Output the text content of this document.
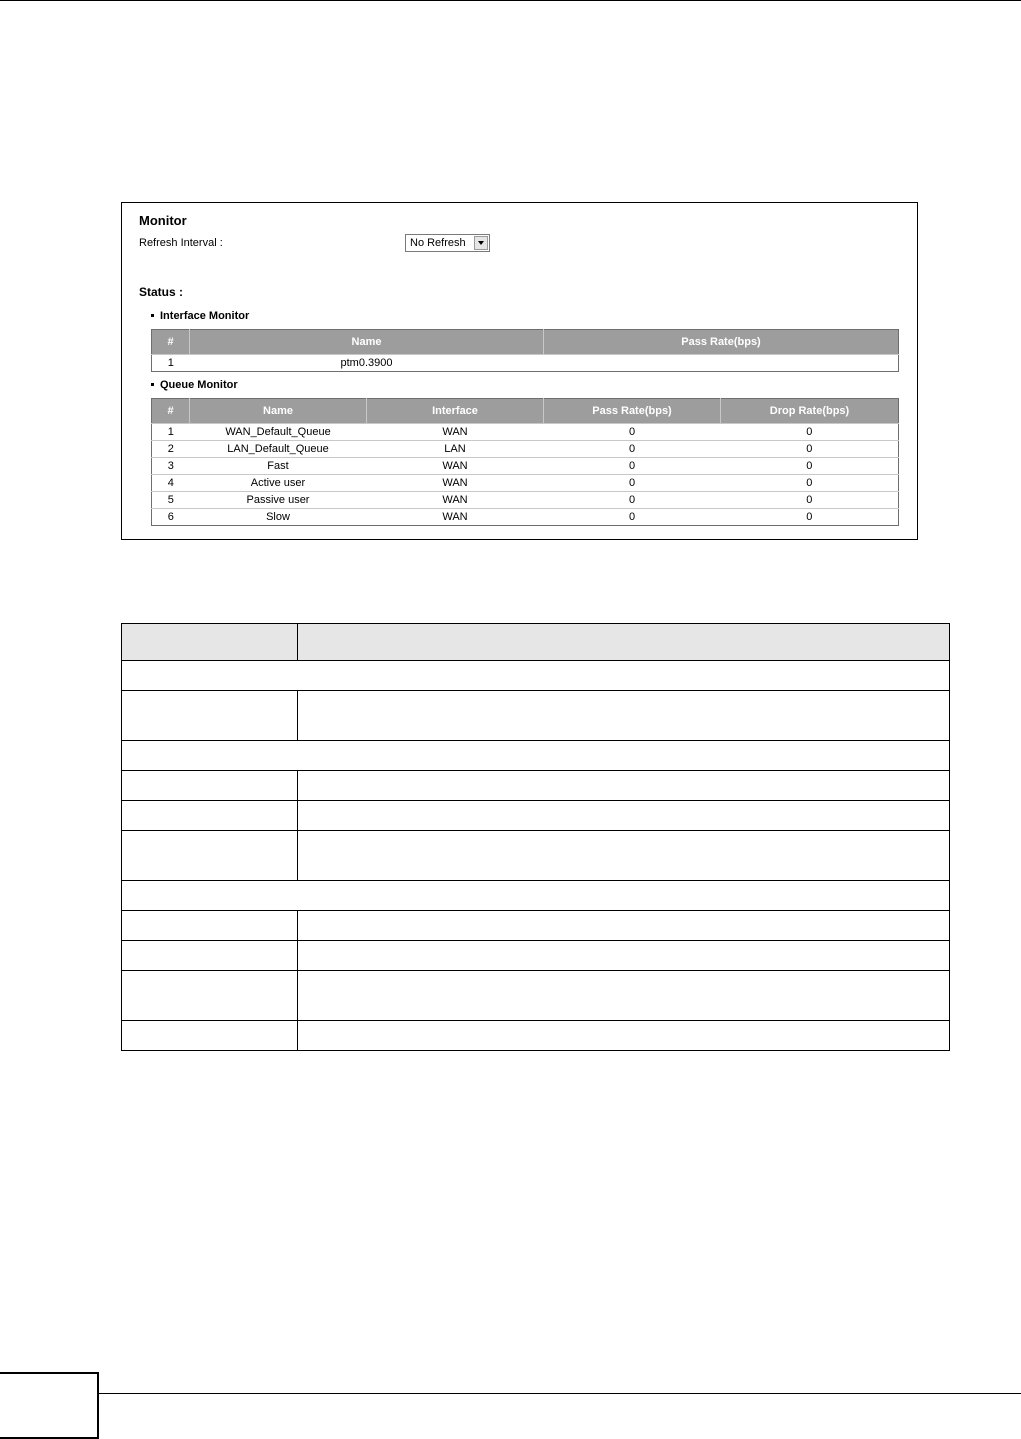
Monitor
Refresh Interval :	No Refresh
Status :
Interface Monitor
#	Name	Pass Rate(bps)
1	ptm0.3900	
Queue Monitor
#	Name	Interface	Pass Rate(bps)	Drop Rate(bps)
1	WAN_Default_Queue	WAN	0	0
2	LAN_Default_Queue	LAN	0	0
3	Fast	WAN	0	0
4	Active user	WAN	0	0
5	Passive user	WAN	0	0
6	Slow	WAN	0	0
